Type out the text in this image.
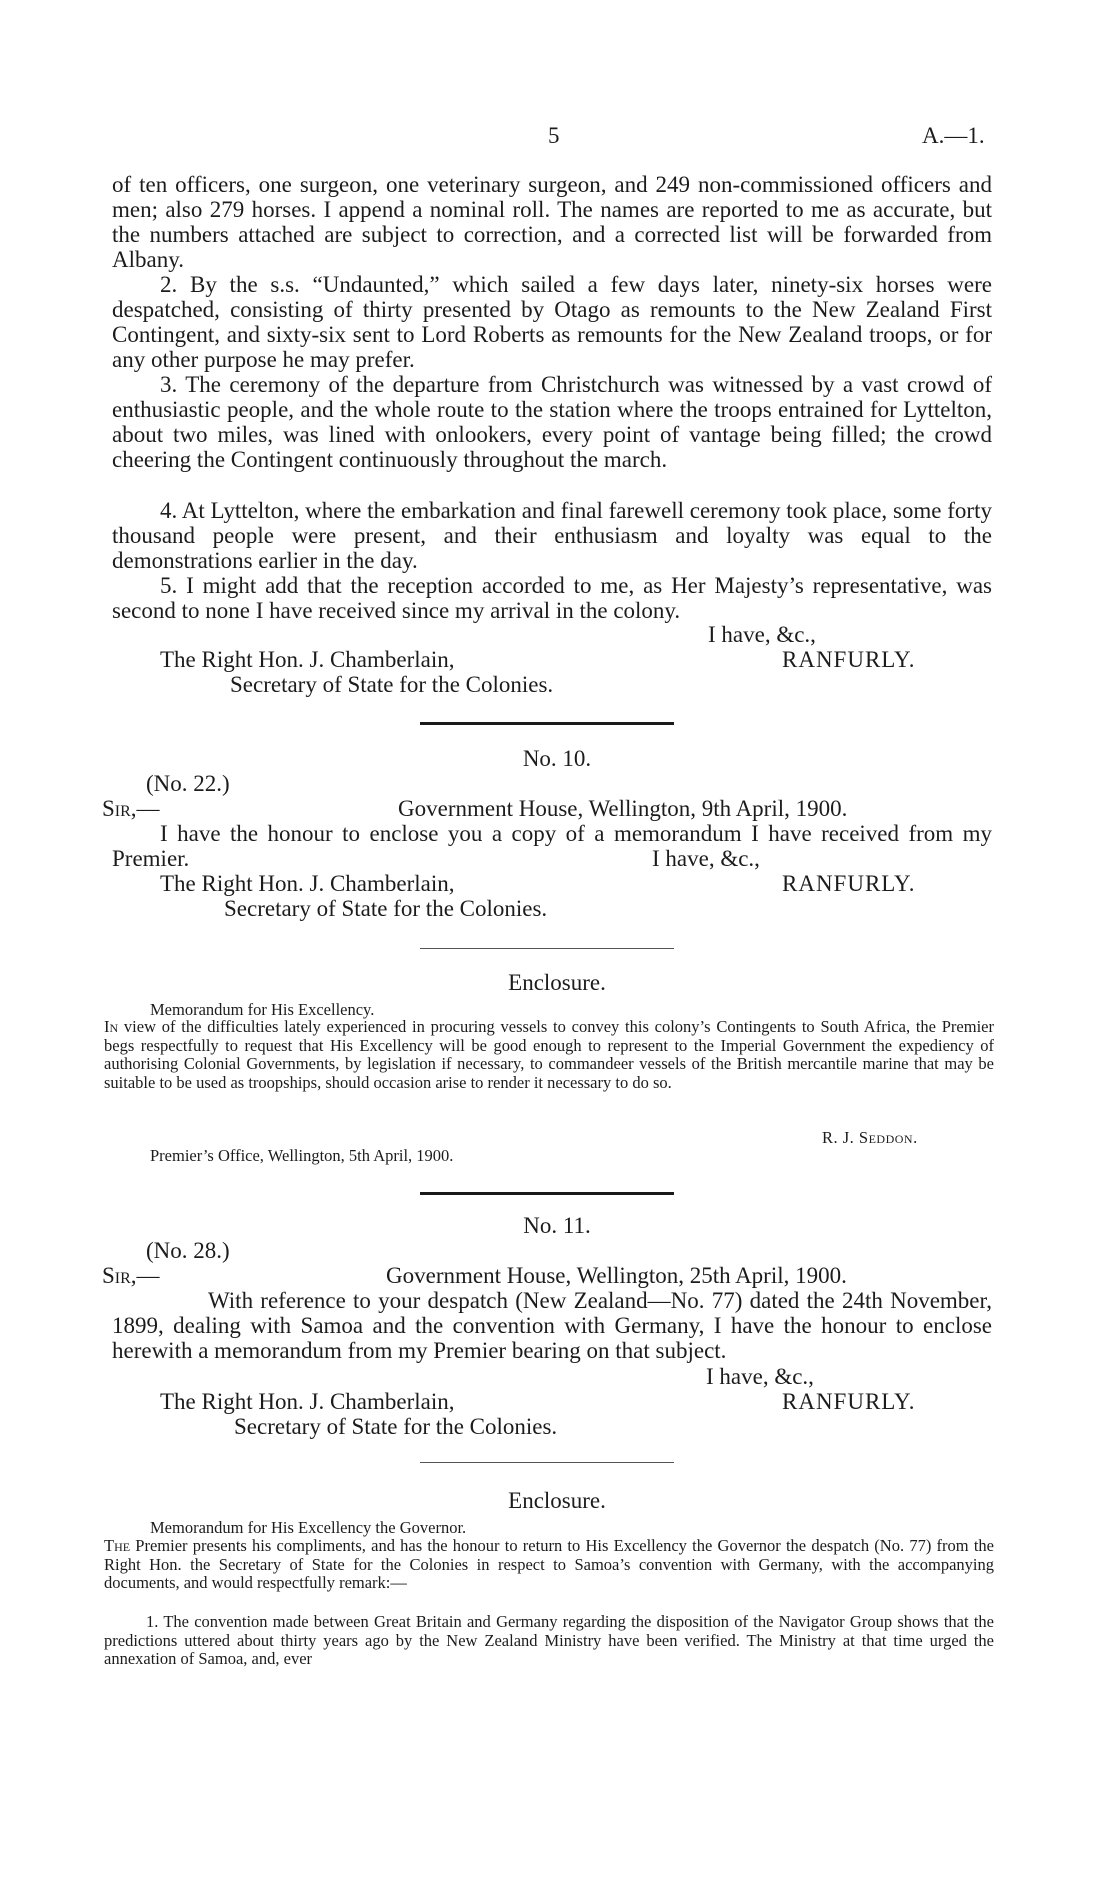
5	A.—1.

of ten officers, one surgeon, one veterinary surgeon, and 249 non-commissioned officers and men; also 279 horses. I append a nominal roll. The names are reported to me as accurate, but the numbers attached are subject to correction, and a corrected list will be forwarded from Albany.

2. By the s.s. “Undaunted,” which sailed a few days later, ninety-six horses were despatched, consisting of thirty presented by Otago as remounts to the New Zealand First Contingent, and sixty-six sent to Lord Roberts as remounts for the New Zealand troops, or for any other purpose he may prefer.

3. The ceremony of the departure from Christchurch was witnessed by a vast crowd of enthusiastic people, and the whole route to the station where the troops entrained for Lyttelton, about two miles, was lined with onlookers, every point of vantage being filled; the crowd cheering the Contingent continuously throughout the march.

4. At Lyttelton, where the embarkation and final farewell ceremony took place, some forty thousand people were present, and their enthusiasm and loyalty was equal to the demonstrations earlier in the day.

5. I might add that the reception accorded to me, as Her Majesty’s representative, was second to none I have received since my arrival in the colony.

I have, &c.,
The Right Hon. J. Chamberlain,	RANFURLY.
Secretary of State for the Colonies.
No. 10.
(No. 22.)
Sir,—	Government House, Wellington, 9th April, 1900.

I have the honour to enclose you a copy of a memorandum I have received from my Premier.	I have, &c.,
The Right Hon. J. Chamberlain,	RANFURLY.
Secretary of State for the Colonies.
Enclosure.
Memorandum for His Excellency.

In view of the difficulties lately experienced in procuring vessels to convey this colony’s Contingents to South Africa, the Premier begs respectfully to request that His Excellency will be good enough to represent to the Imperial Government the expediency of authorising Colonial Governments, by legislation if necessary, to commandeer vessels of the British mercantile marine that may be suitable to be used as troopships, should occasion arise to render it necessary to do so.

R. J. Seddon.
Premier’s Office, Wellington, 5th April, 1900.
No. 11.
(No. 28.)
Sir,—	Government House, Wellington, 25th April, 1900.

With reference to your despatch (New Zealand—No. 77) dated the 24th November, 1899, dealing with Samoa and the convention with Germany, I have the honour to enclose herewith a memorandum from my Premier bearing on that subject.

I have, &c.,
The Right Hon. J. Chamberlain,	RANFURLY.
Secretary of State for the Colonies.
Enclosure.
Memorandum for His Excellency the Governor.

The Premier presents his compliments, and has the honour to return to His Excellency the Governor the despatch (No. 77) from the Right Hon. the Secretary of State for the Colonies in respect to Samoa’s convention with Germany, with the accompanying documents, and would respectfully remark:—

1. The convention made between Great Britain and Germany regarding the disposition of the Navigator Group shows that the predictions uttered about thirty years ago by the New Zealand Ministry have been verified. The Ministry at that time urged the annexation of Samoa, and, ever
